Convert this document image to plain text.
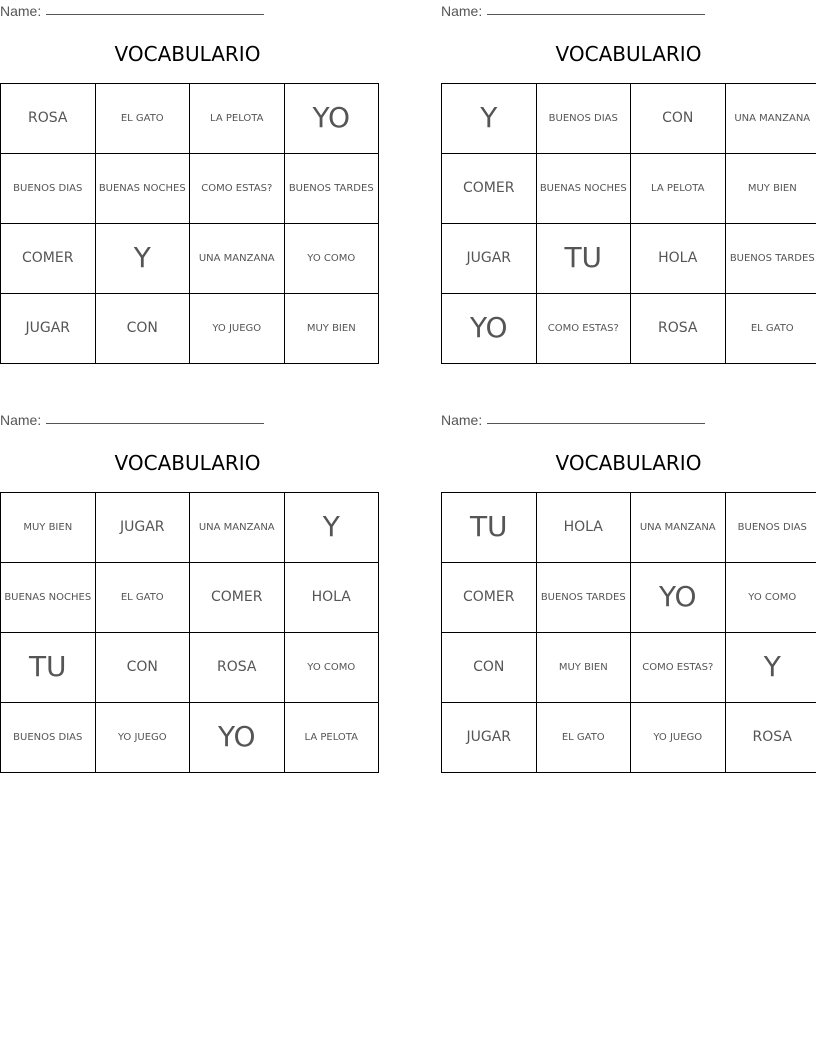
Name:
VOCABULARIO
ROSA	EL GATO	LA PELOTA	YO
BUENOS DIAS	BUENAS NOCHES	COMO ESTAS?	BUENOS TARDES
COMER	Y	UNA MANZANA	YO COMO
JUGAR	CON	YO JUEGO	MUY BIEN
Name:
VOCABULARIO
Y	BUENOS DIAS	CON	UNA MANZANA
COMER	BUENAS NOCHES	LA PELOTA	MUY BIEN
JUGAR	TU	HOLA	BUENOS TARDES
YO	COMO ESTAS?	ROSA	EL GATO
Name:
VOCABULARIO
MUY BIEN	JUGAR	UNA MANZANA	Y
BUENAS NOCHES	EL GATO	COMER	HOLA
TU	CON	ROSA	YO COMO
BUENOS DIAS	YO JUEGO	YO	LA PELOTA
Name:
VOCABULARIO
TU	HOLA	UNA MANZANA	BUENOS DIAS
COMER	BUENOS TARDES	YO	YO COMO
CON	MUY BIEN	COMO ESTAS?	Y
JUGAR	EL GATO	YO JUEGO	ROSA
